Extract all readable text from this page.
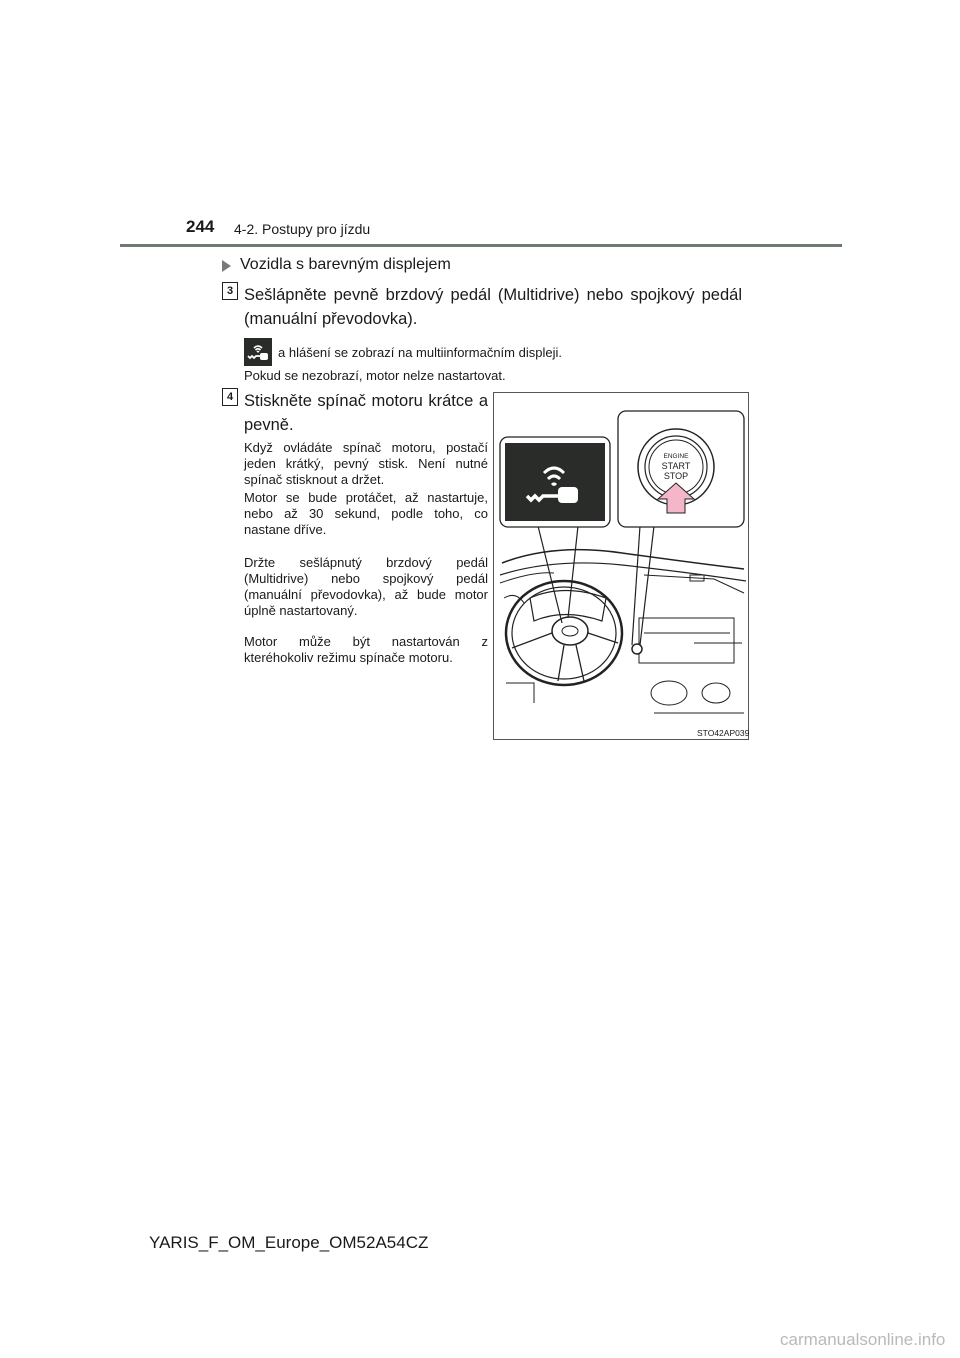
244 4-2. Postupy pro jízdu
Vozidla s barevným displejem
3 Sešlápněte pevně brzdový pedál (Multidrive) nebo spojkový pedál (manuální převodovka).
a hlášení se zobrazí na multiinformačním displeji.
Pokud se nezobrazí, motor nelze nastartovat.
4 Stiskněte spínač motoru krátce a pevně.
Když ovládáte spínač motoru, postačí jeden krátký, pevný stisk. Není nutné spínač stisknout a držet.
Motor se bude protáčet, až nastartuje, nebo až 30 sekund, podle toho, co nastane dříve.
Držte sešlápnutý brzdový pedál (Multidrive) nebo spojkový pedál (manuální převodovka), až bude motor úplně nastartovaný.
Motor může být nastartován z kteréhokoliv režimu spínače motoru.
ENGINE
START
STOP
STO42AP039
YARIS_F_OM_Europe_OM52A54CZ
carmanualsonline.info
